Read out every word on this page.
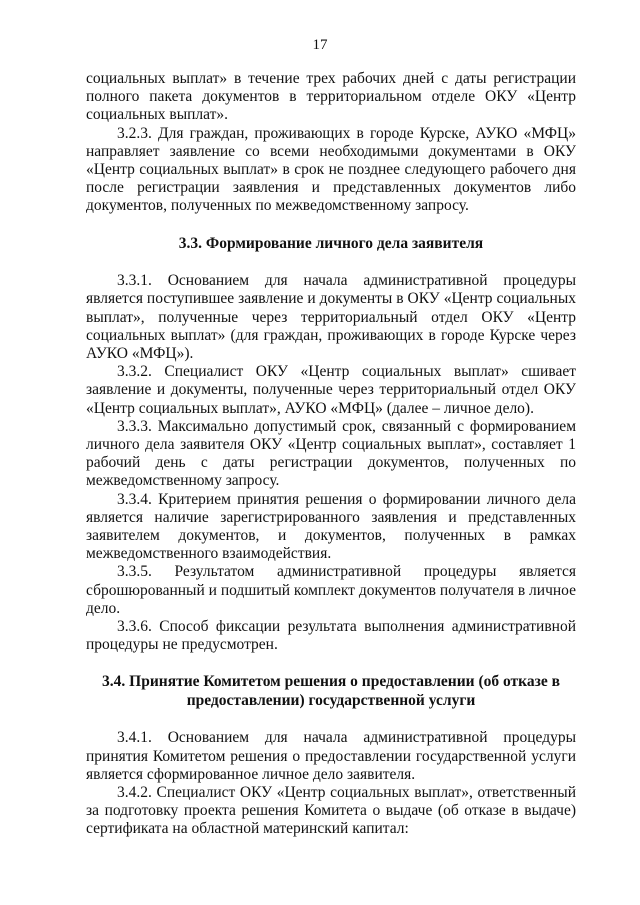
17

социальных выплат» в течение трех рабочих дней с даты регистрации полного пакета документов в территориальном отделе ОКУ «Центр социальных выплат».

3.2.3. Для граждан, проживающих в городе Курске, АУКО «МФЦ» направляет заявление со всеми необходимыми документами в ОКУ «Центр социальных выплат» в срок не позднее следующего рабочего дня после регистрации заявления и представленных документов либо документов, полученных по межведомственному запросу.

3.3. Формирование личного дела заявителя

3.3.1. Основанием для начала административной процедуры является поступившее заявление и документы в ОКУ «Центр социальных выплат», полученные через территориальный отдел ОКУ «Центр социальных выплат» (для граждан, проживающих в городе Курске через АУКО «МФЦ»).

3.3.2. Специалист ОКУ «Центр социальных выплат» сшивает заявление и документы, полученные через территориальный отдел ОКУ «Центр социальных выплат», АУКО «МФЦ» (далее – личное дело).

3.3.3. Максимально допустимый срок, связанный с формированием личного дела заявителя ОКУ «Центр социальных выплат», составляет 1 рабочий день с даты регистрации документов, полученных по межведомственному запросу.

3.3.4. Критерием принятия решения о формировании личного дела является наличие зарегистрированного заявления и представленных заявителем документов, и документов, полученных в рамках межведомственного взаимодействия.

3.3.5. Результатом административной процедуры является сброшюрованный и подшитый комплект документов получателя в личное дело.

3.3.6. Способ фиксации результата выполнения административной процедуры не предусмотрен.

3.4. Принятие Комитетом решения о предоставлении (об отказе в предоставлении) государственной услуги

3.4.1. Основанием для начала административной процедуры принятия Комитетом решения о предоставлении государственной услуги является сформированное личное дело заявителя.

3.4.2. Специалист ОКУ «Центр социальных выплат», ответственный за подготовку проекта решения Комитета о выдаче (об отказе в выдаче) сертификата на областной материнский капитал:
